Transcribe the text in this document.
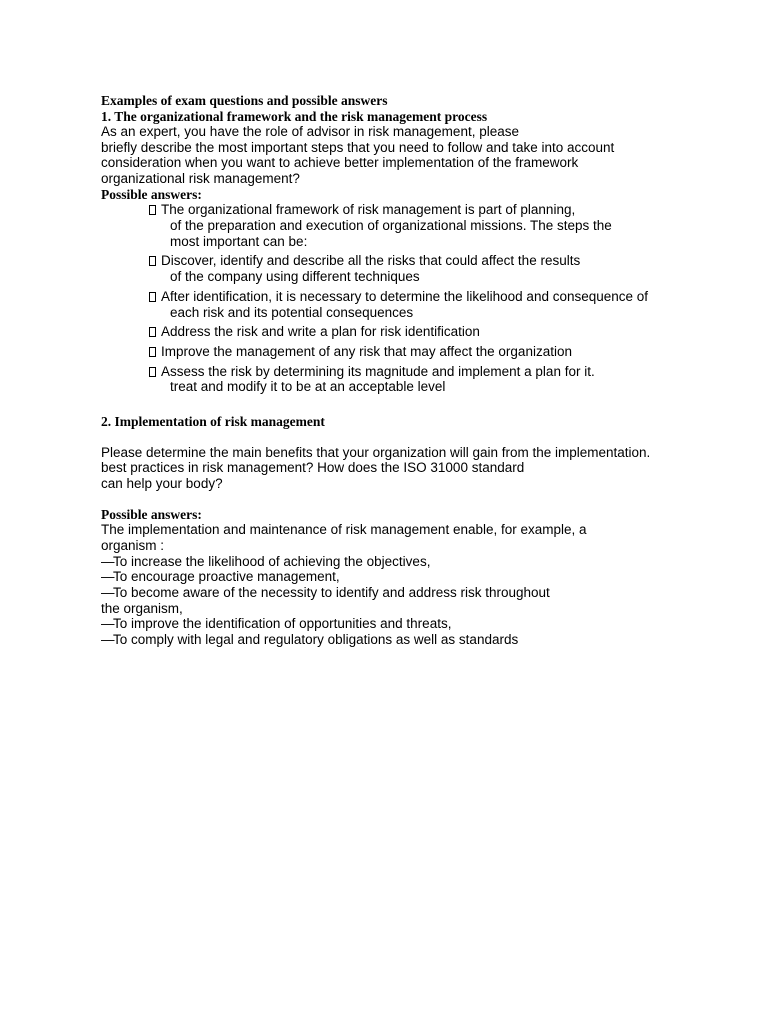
Examples of exam questions and possible answers
1. The organizational framework and the risk management process
As an expert, you have the role of advisor in risk management, please
briefly describe the most important steps that you need to follow and take into account
consideration when you want to achieve better implementation of the framework
organizational risk management?
Possible answers:
The organizational framework of risk management is part of planning,
of the preparation and execution of organizational missions. The steps the
most important can be:
Discover, identify and describe all the risks that could affect the results
of the company using different techniques
After identification, it is necessary to determine the likelihood and consequence of
each risk and its potential consequences
Address the risk and write a plan for risk identification
Improve the management of any risk that may affect the organization
Assess the risk by determining its magnitude and implement a plan for it.
treat and modify it to be at an acceptable level
2. Implementation of risk management
Please determine the main benefits that your organization will gain from the implementation.
best practices in risk management? How does the ISO 31000 standard
can help your body?
Possible answers:
The implementation and maintenance of risk management enable, for example, a
organism :
—To increase the likelihood of achieving the objectives,
—To encourage proactive management,
—To become aware of the necessity to identify and address risk throughout
the organism,
—To improve the identification of opportunities and threats,
—To comply with legal and regulatory obligations as well as standards
